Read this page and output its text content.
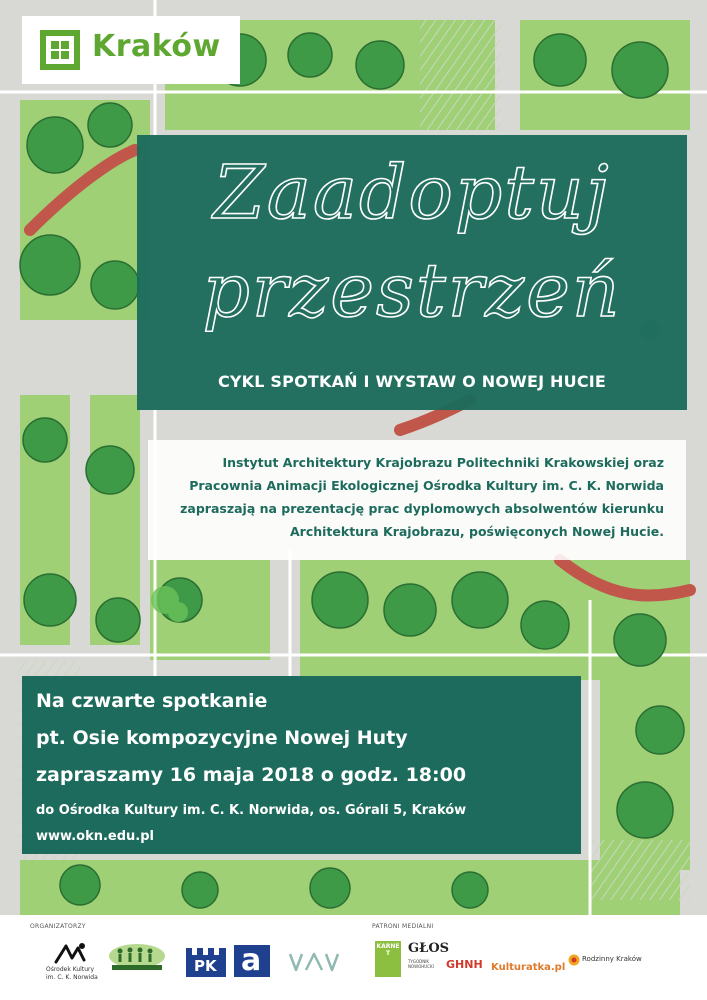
Kraków
Zaadoptuj
przestrzeń
CYKL SPOTKAŃ I WYSTAW O NOWEJ HUCIE
Instytut Architektury Krajobrazu Politechniki Krakowskiej oraz
Pracownia Animacji Ekologicznej Ośrodka Kultury im. C. K. Norwida
zapraszają na prezentację prac dyplomowych absolwentów kierunku
Architektura Krajobrazu, poświęconych Nowej Hucie.
Na czwarte spotkanie
pt. Osie kompozycyjne Nowej Huty
zapraszamy 16 maja 2018 o godz. 18:00
do Ośrodka Kultury im. C. K. Norwida, os. Górali 5, Kraków
www.okn.edu.pl
ORGANIZATORZY	PATRONI MEDIALNI
Ośrodek Kultury
im. C. K. Norwida
PK a	KARNET	GŁOS
TYGODNIK NOWOHUCKI	GHNH Kulturatka.pl
Rodzinny Kraków
